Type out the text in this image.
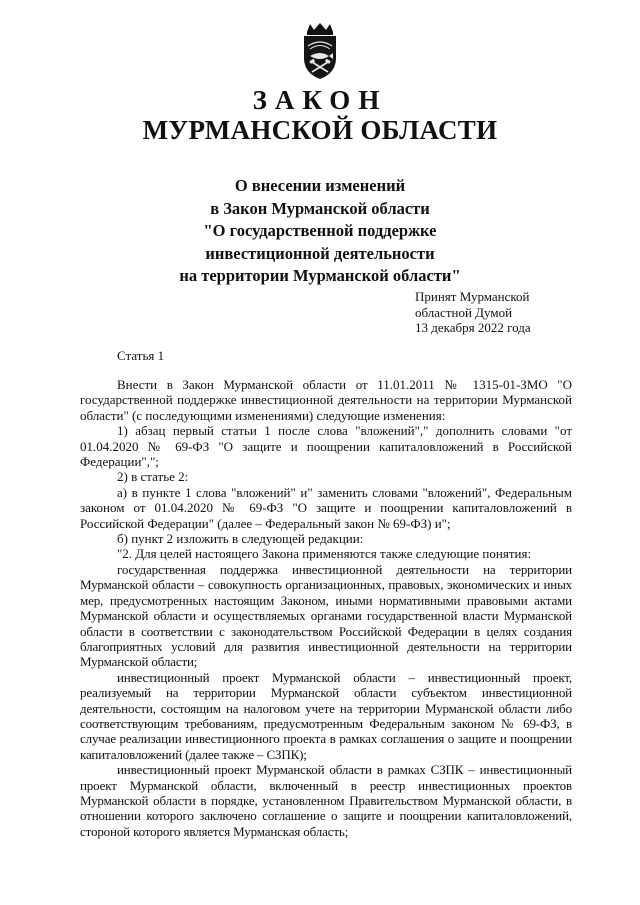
ЗАКОН
МУРМАНСКОЙ ОБЛАСТИ
О внесении изменений
в Закон Мурманской области
"О государственной поддержке
инвестиционной деятельности
на территории Мурманской области"
Принят Мурманской
областной Думой
13 декабря 2022 года
Статья 1

Внести в Закон Мурманской области от 11.01.2011 № 1315-01-ЗМО "О государственной поддержке инвестиционной деятельности на территории Мурманской области" (с последующими изменениями) следующие изменения:

1) абзац первый статьи 1 после слова "вложений"," дополнить словами "от 01.04.2020 № 69-ФЗ "О защите и поощрении капиталовложений в Российской Федерации",";

2) в статье 2:

а) в пункте 1 слова "вложений" и" заменить словами "вложений", Федеральным законом от 01.04.2020 № 69-ФЗ "О защите и поощрении капиталовложений в Российской Федерации" (далее – Федеральный закон № 69-ФЗ) и";

б) пункт 2 изложить в следующей редакции:

"2. Для целей настоящего Закона применяются также следующие понятия:

государственная поддержка инвестиционной деятельности на территории Мурманской области – совокупность организационных, правовых, экономических и иных мер, предусмотренных настоящим Законом, иными нормативными правовыми актами Мурманской области и осуществляемых органами государственной власти Мурманской области в соответствии с законодательством Российской Федерации в целях создания благоприятных условий для развития инвестиционной деятельности на территории Мурманской области;

инвестиционный проект Мурманской области – инвестиционный проект, реализуемый на территории Мурманской области субъектом инвестиционной деятельности, состоящим на налоговом учете на территории Мурманской области либо соответствующим требованиям, предусмотренным Федеральным законом № 69-ФЗ, в случае реализации инвестиционного проекта в рамках соглашения о защите и поощрении капиталовложений (далее также – СЗПК);

инвестиционный проект Мурманской области в рамках СЗПК – инвестиционный проект Мурманской области, включенный в реестр инвестиционных проектов Мурманской области в порядке, установленном Правительством Мурманской области, в отношении которого заключено соглашение о защите и поощрении капиталовложений, стороной которого является Мурманская область;
